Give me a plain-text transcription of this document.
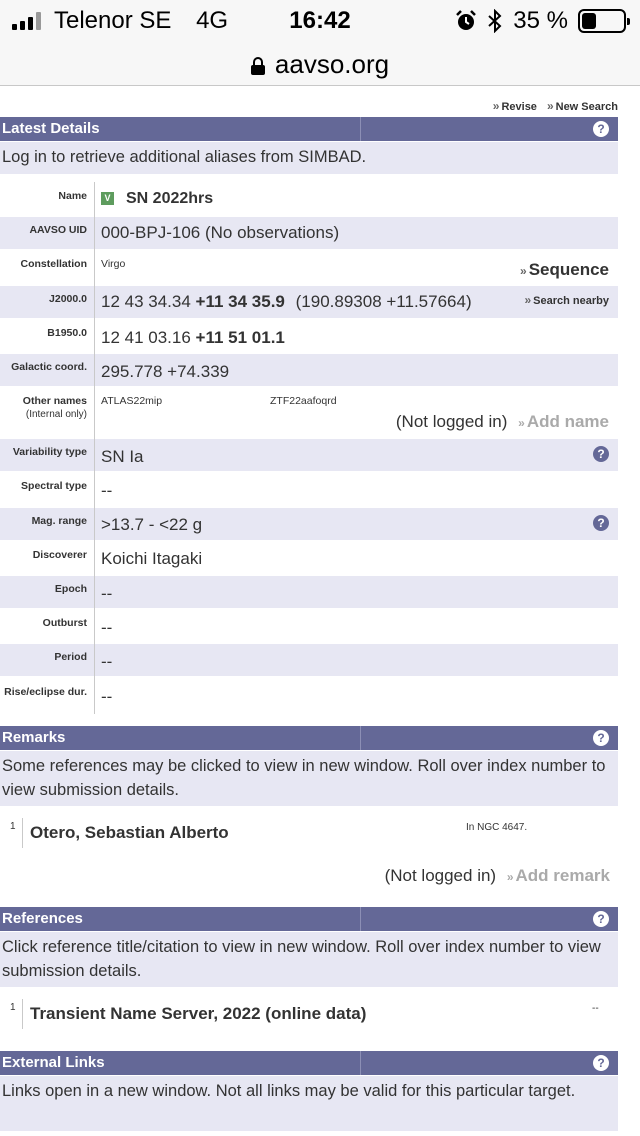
Telenor SE 4G	16:42	35 %
aavso.org
» Revise » New Search
Latest Details	?
Log in to retrieve additional aliases from SIMBAD.
Name	V SN 2022hrs
AAVSO UID 000-BPJ-106 (No observations)
Constellation	Virgo	» Sequence
J2000.0 12 43 34.34 +11 34 35.9 (190.89308 +11.57664)	» Search nearby
B1950.0 12 41 03.16 +11 51 01.1
Galactic coord. 295.778 +74.339
Other names
(Internal only)
ATLAS22mip	ZTF22aafoqrd
(Not logged in) » Add name
Variability type SN Ia	?
Spectral type --
Mag. range >13.7 - <22 g	?
Discoverer Koichi Itagaki
Epoch --
Outburst --
Period --
Rise/eclipse dur. --
Remarks	?
Some references may be clicked to view in new window. Roll over index number to view submission details.
1 Otero, Sebastian Alberto	In NGC 4647.
(Not logged in) » Add remark
References	?
Click reference title/citation to view in new window. Roll over index number to view submission details.
1 Transient Name Server, 2022 (online data)	--
External Links	?
Links open in a new window. Not all links may be valid for this particular target.
